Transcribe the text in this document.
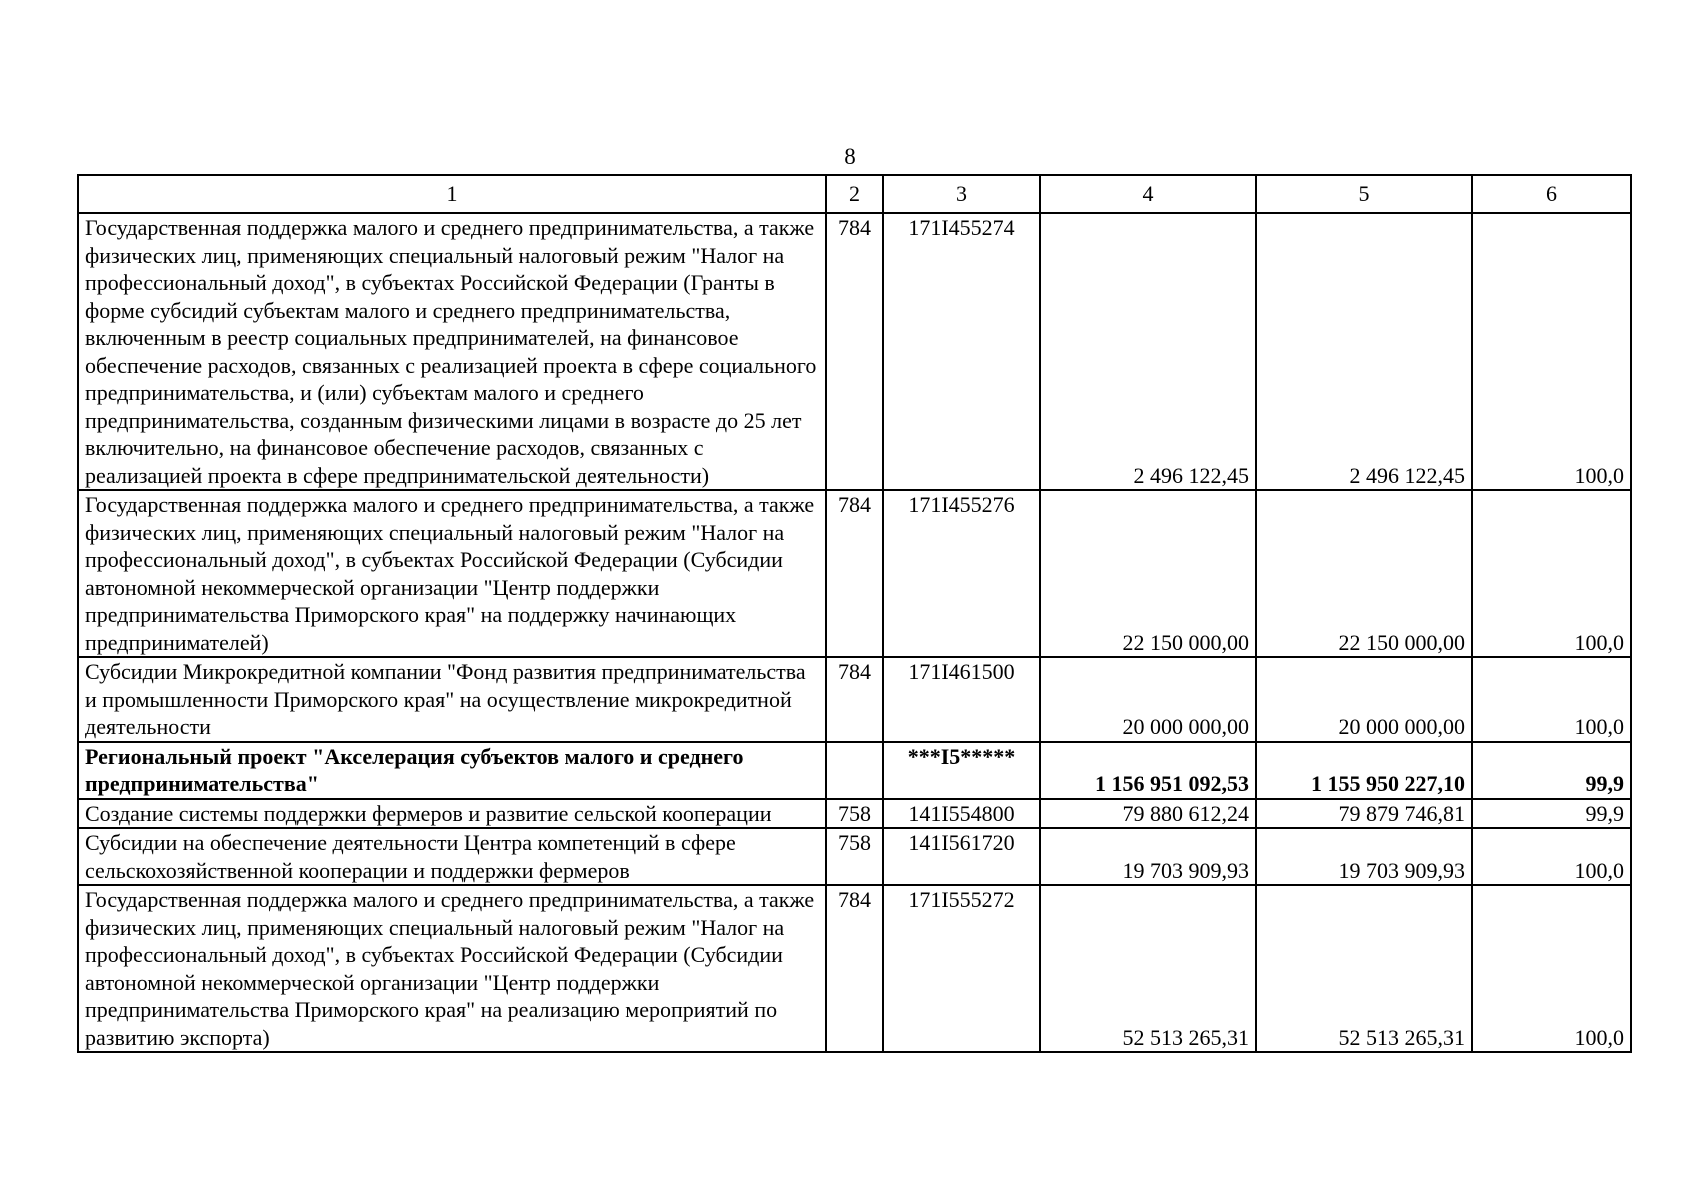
8
1	2	3	4	5	6
Государственная поддержка малого и среднего предпринимательства, а также физических лиц, применяющих специальный налоговый режим "Налог на профессиональный доход", в субъектах Российской Федерации (Гранты в форме субсидий субъектам малого и среднего предпринимательства, включенным в реестр социальных предпринимателей, на финансовое обеспечение расходов, связанных с реализацией проекта в сфере социального предпринимательства, и (или) субъектам малого и среднего предпринимательства, созданным физическими лицами в возрасте до 25 лет включительно, на финансовое обеспечение расходов, связанных с реализацией проекта в сфере предпринимательской деятельности)	784	171I455274	2 496 122,45	2 496 122,45	100,0
Государственная поддержка малого и среднего предпринимательства, а также физических лиц, применяющих специальный налоговый режим "Налог на профессиональный доход", в субъектах Российской Федерации (Субсидии автономной некоммерческой организации "Центр поддержки предпринимательства Приморского края" на поддержку начинающих предпринимателей)	784	171I455276	22 150 000,00	22 150 000,00	100,0
Субсидии Микрокредитной компании "Фонд развития предпринимательства и промышленности Приморского края" на осуществление микрокредитной деятельности	784	171I461500	20 000 000,00	20 000 000,00	100,0
Региональный проект "Акселерация субъектов малого и среднего предпринимательства"		***I5*****	1 156 951 092,53	1 155 950 227,10	99,9
Создание системы поддержки фермеров и развитие сельской кооперации	758	141I554800	79 880 612,24	79 879 746,81	99,9
Субсидии на обеспечение деятельности Центра компетенций в сфере сельскохозяйственной кооперации и поддержки фермеров	758	141I561720	19 703 909,93	19 703 909,93	100,0
Государственная поддержка малого и среднего предпринимательства, а также физических лиц, применяющих специальный налоговый режим "Налог на профессиональный доход", в субъектах Российской Федерации (Субсидии автономной некоммерческой организации "Центр поддержки предпринимательства Приморского края" на реализацию мероприятий по развитию экспорта)	784	171I555272	52 513 265,31	52 513 265,31	100,0
